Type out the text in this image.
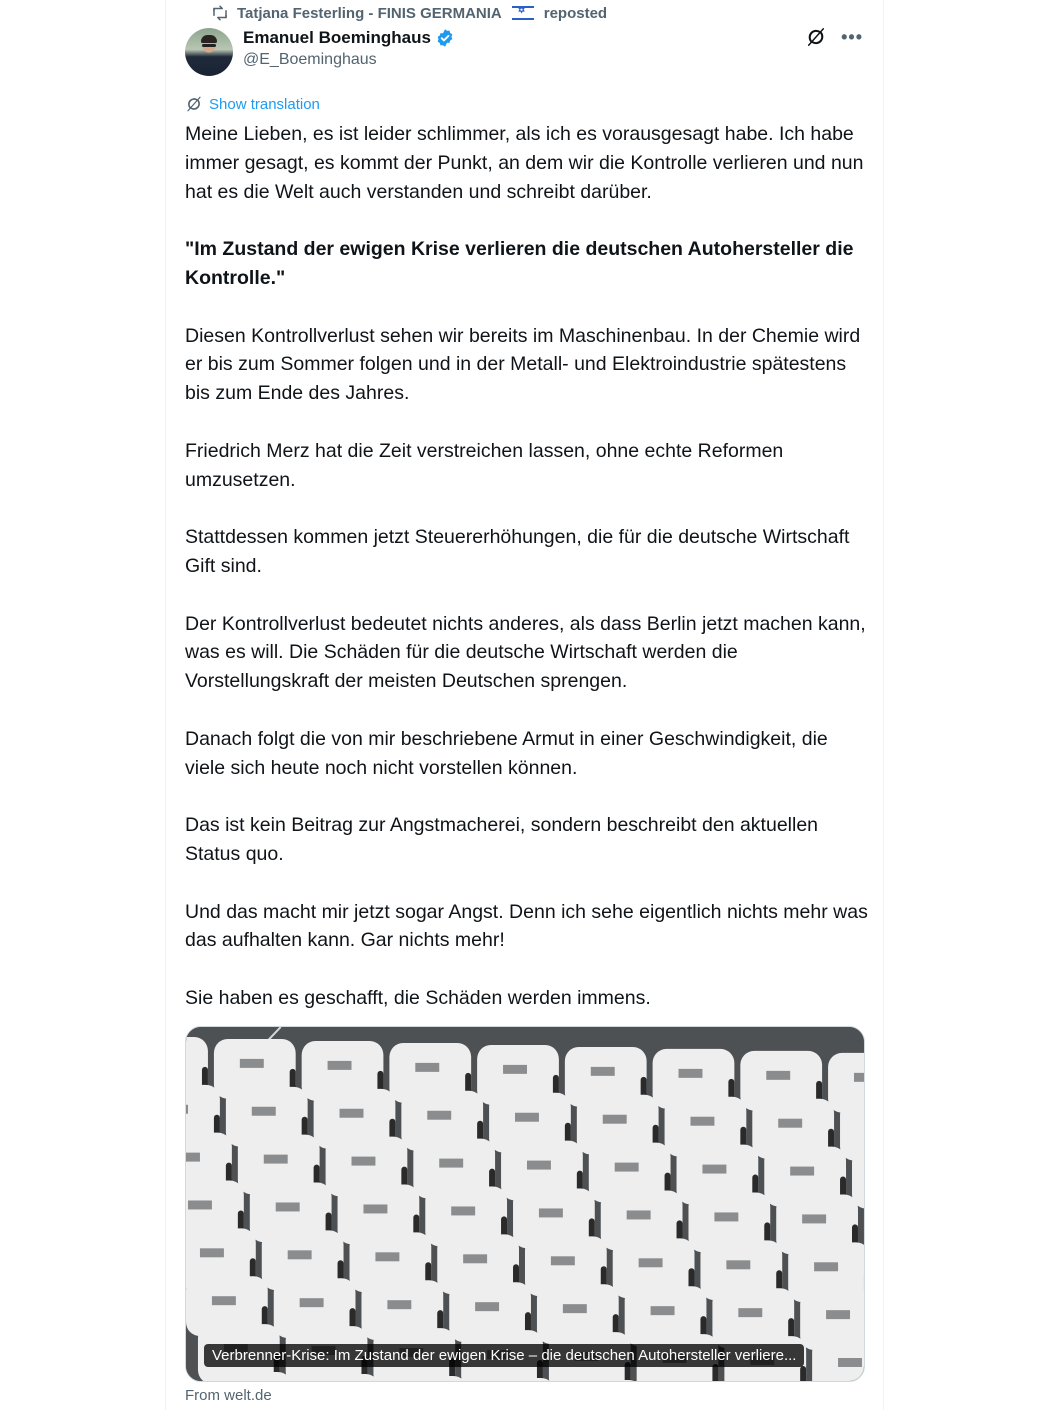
Tatjana Festerling - FINIS GERMANIA ✡	reposted
Emanuel Boeminghaus
@E_Boeminghaus
•••
Show translation

Meine Lieben, es ist leider schlimmer, als ich es vorausgesagt habe. Ich habe immer gesagt, es kommt der Punkt, an dem wir die Kontrolle verlieren und nun hat es die Welt auch verstanden und schreibt darüber.

"Im Zustand der ewigen Krise verlieren die deutschen Autohersteller die Kontrolle."

Diesen Kontrollverlust sehen wir bereits im Maschinenbau. In der Chemie wird er bis zum Sommer folgen und in der Metall- und Elektroindustrie spätestens bis zum Ende des Jahres.

Friedrich Merz hat die Zeit verstreichen lassen, ohne echte Reformen umzusetzen.

Stattdessen kommen jetzt Steuererhöhungen, die für die deutsche Wirtschaft Gift sind.

Der Kontrollverlust bedeutet nichts anderes, als dass Berlin jetzt machen kann, was es will. Die Schäden für die deutsche Wirtschaft werden die Vorstellungskraft der meisten Deutschen sprengen.

Danach folgt die von mir beschriebene Armut in einer Geschwindigkeit, die viele sich heute noch nicht vorstellen können.

Das ist kein Beitrag zur Angstmacherei, sondern beschreibt den aktuellen Status quo.

Und das macht mir jetzt sogar Angst. Denn ich sehe eigentlich nichts mehr was das aufhalten kann. Gar nichts mehr!

Sie haben es geschafft, die Schäden werden immens.

Verbrenner-Krise: Im Zustand der ewigen Krise – die deutschen Autohersteller verliere...
From welt.de
